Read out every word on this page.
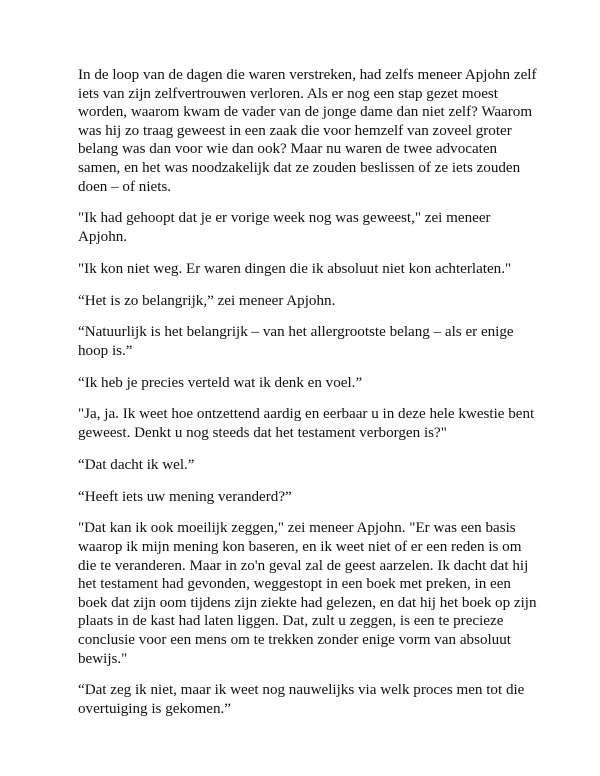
In de loop van de dagen die waren verstreken, had zelfs meneer Apjohn zelf iets van zijn zelfvertrouwen verloren. Als er nog een stap gezet moest worden, waarom kwam de vader van de jonge dame dan niet zelf? Waarom was hij zo traag geweest in een zaak die voor hemzelf van zoveel groter belang was dan voor wie dan ook? Maar nu waren de twee advocaten samen, en het was noodzakelijk dat ze zouden beslissen of ze iets zouden doen – of niets.

"Ik had gehoopt dat je er vorige week nog was geweest," zei meneer Apjohn.

"Ik kon niet weg. Er waren dingen die ik absoluut niet kon achterlaten."

“Het is zo belangrijk,” zei meneer Apjohn.

“Natuurlijk is het belangrijk – van het allergrootste belang – als er enige hoop is.”

“Ik heb je precies verteld wat ik denk en voel.”

"Ja, ja. Ik weet hoe ontzettend aardig en eerbaar u in deze hele kwestie bent geweest. Denkt u nog steeds dat het testament verborgen is?"

“Dat dacht ik wel.”

“Heeft iets uw mening veranderd?”

"Dat kan ik ook moeilijk zeggen," zei meneer Apjohn. "Er was een basis waarop ik mijn mening kon baseren, en ik weet niet of er een reden is om die te veranderen. Maar in zo'n geval zal de geest aarzelen. Ik dacht dat hij het testament had gevonden, weggestopt in een boek met preken, in een boek dat zijn oom tijdens zijn ziekte had gelezen, en dat hij het boek op zijn plaats in de kast had laten liggen. Dat, zult u zeggen, is een te precieze conclusie voor een mens om te trekken zonder enige vorm van absoluut bewijs."

“Dat zeg ik niet, maar ik weet nog nauwelijks via welk proces men tot die overtuiging is gekomen.”
